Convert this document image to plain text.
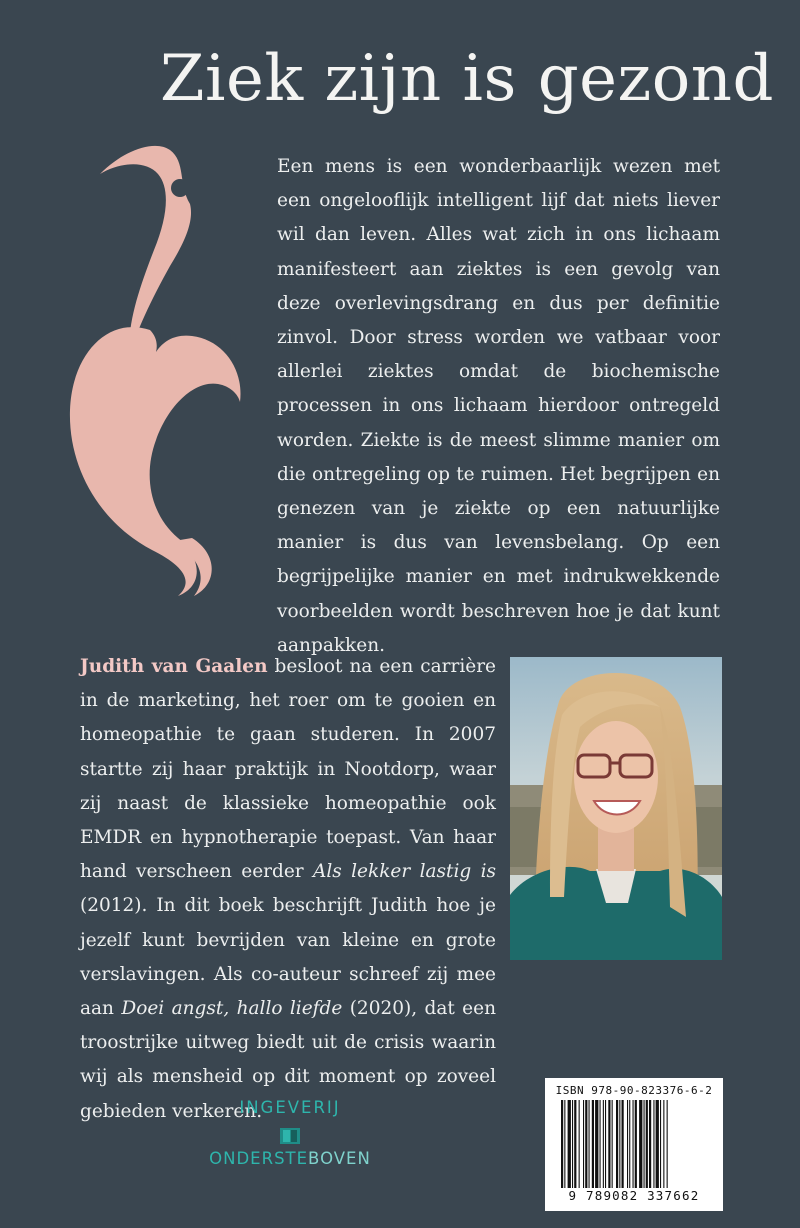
Ziek zijn is gezond

Een mens is een wonderbaarlijk wezen met een ongelooflijk intelligent lijf dat niets liever wil dan leven. Alles wat zich in ons lichaam manifesteert aan ziektes is een gevolg van deze overlevingsdrang en dus per definitie zinvol. Door stress worden we vatbaar voor allerlei ziektes omdat de biochemische processen in ons lichaam hierdoor ontregeld worden. Ziekte is de meest slimme manier om die ontregeling op te ruimen. Het begrijpen en genezen van je ziekte op een natuurlijke manier is dus van levensbelang. Op een begrijpelijke manier en met indrukwekkende voorbeelden wordt beschreven hoe je dat kunt aanpakken.

Judith van Gaalen besloot na een carrière in de marketing, het roer om te gooien en homeopathie te gaan studeren. In 2007 startte zij haar praktijk in Nootdorp, waar zij naast de klassieke homeopathie ook EMDR en hypnotherapie toepast. Van haar hand verscheen eerder Als lekker lastig is (2012). In dit boek beschrijft Judith hoe je jezelf kunt bevrijden van kleine en grote verslavingen. Als co-auteur schreef zij mee aan Doei angst, hallo liefde (2020), dat een troostrijke uitweg biedt uit de crisis waarin wij als mensheid op dit moment op zoveel gebieden verkeren.

INGEVERIJ
ONDERSTEBOVEN
ISBN 978-90-823376-6-2
9 789082 337662
